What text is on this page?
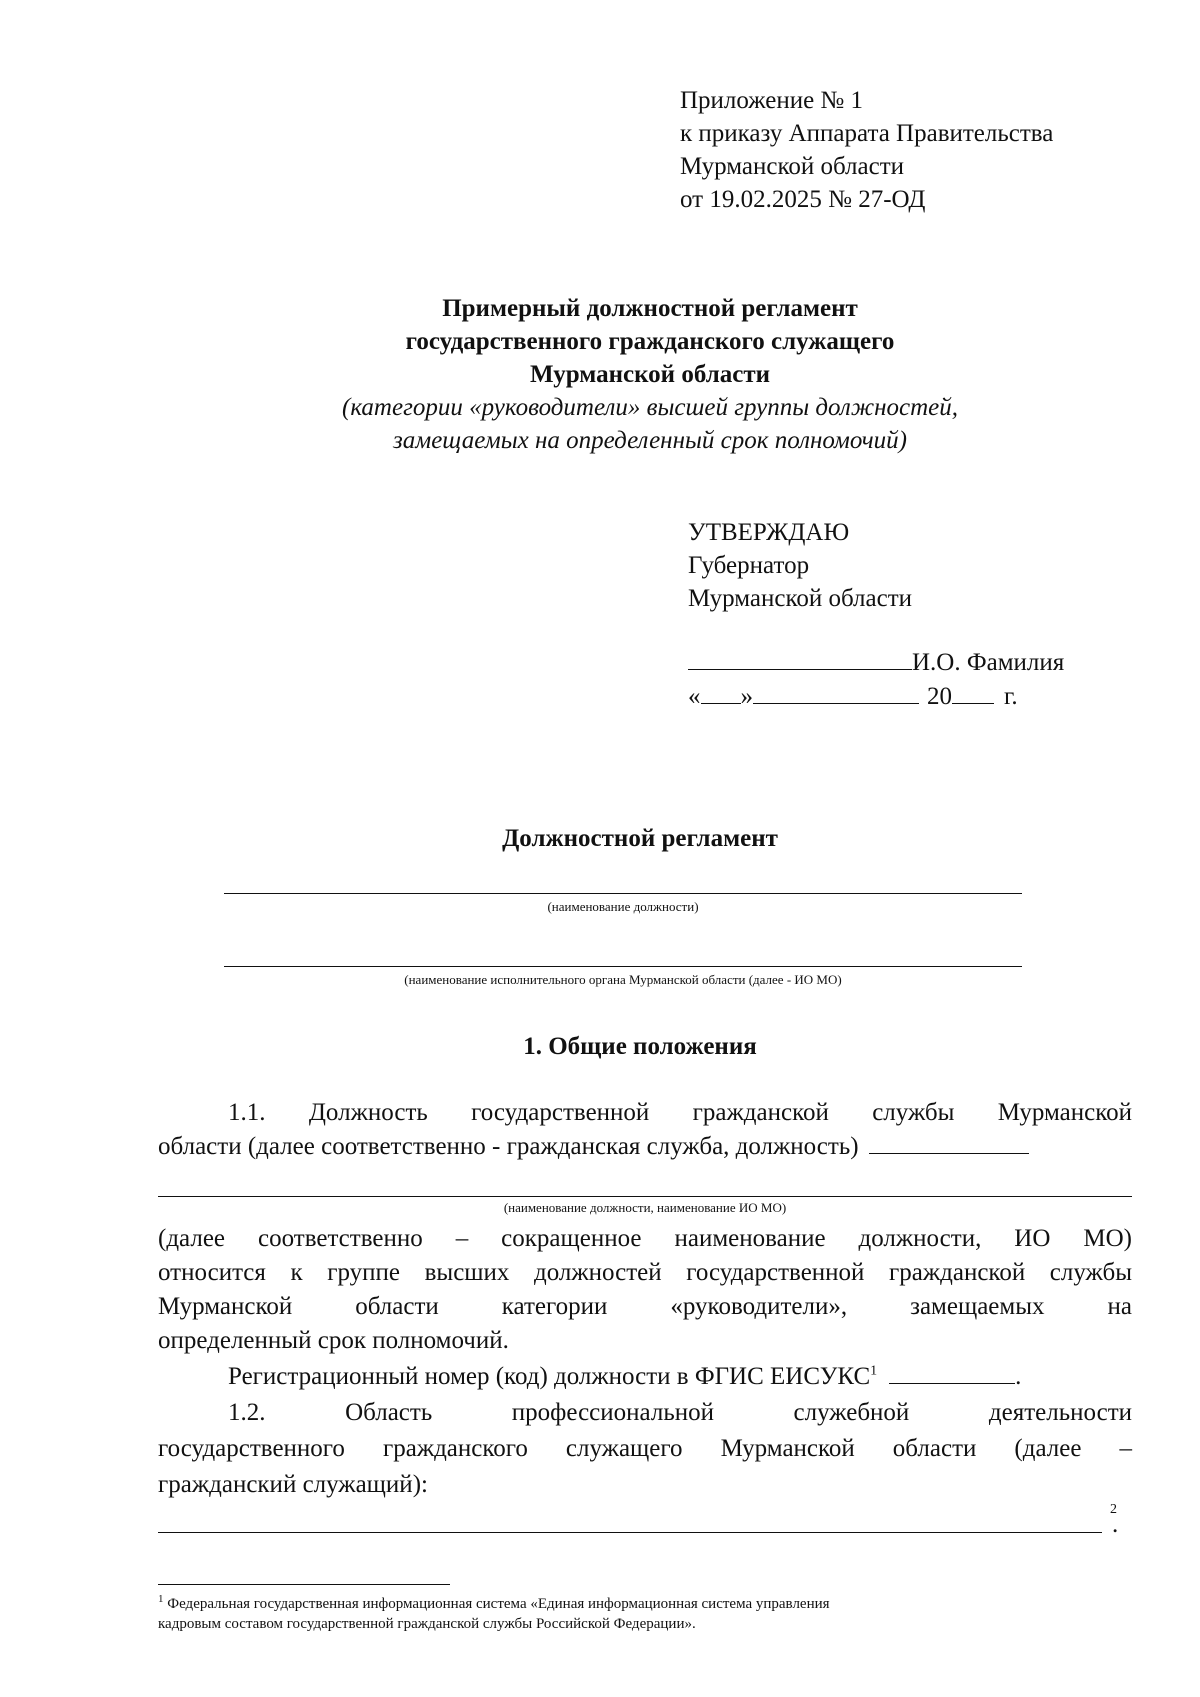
Приложение № 1
к приказу Аппарата Правительства
Мурманской области
от 19.02.2025 № 27-ОД
Примерный должностной регламент
государственного гражданского служащего
Мурманской области
(категории «руководители» высшей группы должностей,
замещаемых на определенный срок полномочий)
УТВЕРЖДАЮ
Губернатор
Мурманской области
И.О. Фамилия
« »	20 г.
Должностной регламент
(наименование должности)
(наименование исполнительного органа Мурманской области (далее - ИО МО)
1. Общие положения
1.1. Должность государственной гражданской службы Мурманской
области (далее соответственно - гражданская служба, должность)
(наименование должности, наименование ИО МО)
(далее соответственно – сокращенное наименование должности, ИО МО)
относится к группе высших должностей государственной гражданской службы
Мурманской области категории «руководители», замещаемых на
определенный срок полномочий.
Регистрационный номер (код) должности в ФГИС ЕИСУКС$^1$	.
1.2. Область профессиональной служебной деятельности
государственного гражданского служащего Мурманской области (далее –
гражданский служащий):
2
.
$^1$ Федеральная государственная информационная система «Единая информационная система управления
кадровым составом государственной гражданской службы Российской Федерации».
